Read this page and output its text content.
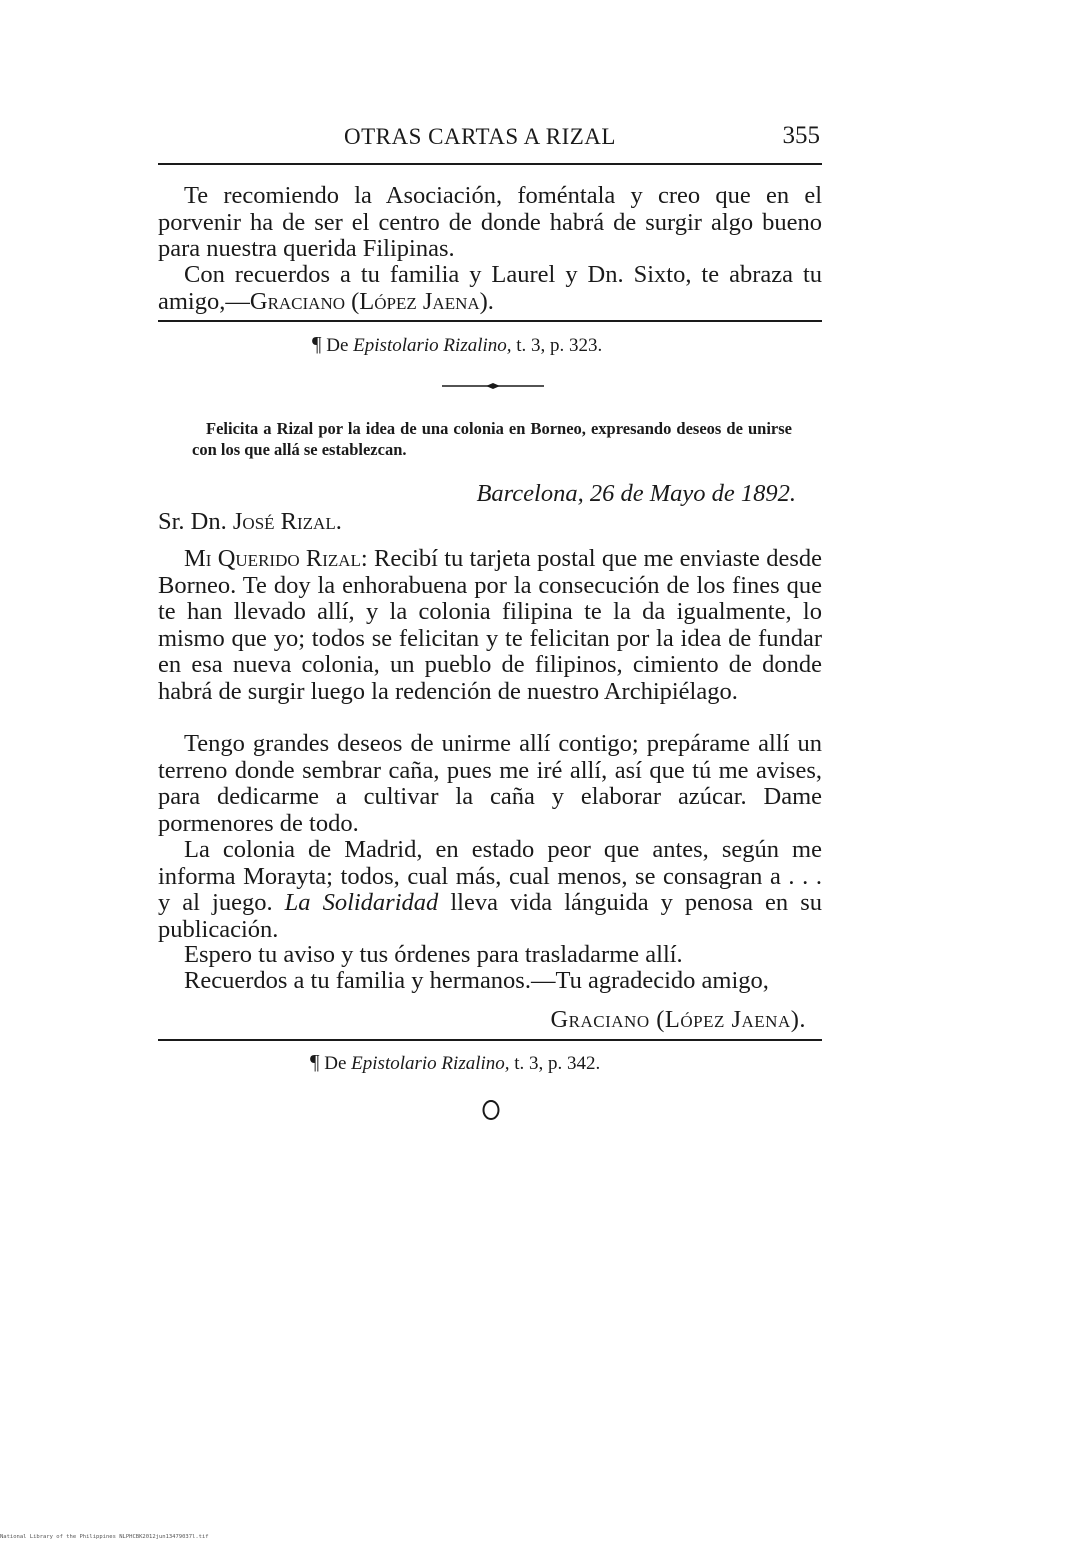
OTRAS CARTAS A RIZAL	355

Te recomiendo la Asociación, foméntala y creo que en el porvenir ha de ser el centro de donde habrá de surgir algo bueno para nuestra querida Filipinas.

Con recuerdos a tu familia y Laurel y Dn. Sixto, te abraza tu amigo,—Graciano (López Jaena).

¶ De Epistolario Rizalino, t. 3, p. 323.

Felicita a Rizal por la idea de una colonia en Borneo, expresando deseos de unirse con los que allá se establezcan.

Barcelona, 26 de Mayo de 1892.
Sr. Dn. José Rizal.

Mi Querido Rizal: Recibí tu tarjeta postal que me enviaste desde Borneo. Te doy la enhorabuena por la consecución de los fines que te han llevado allí, y la colonia filipina te la da igualmente, lo mismo que yo; todos se felicitan y te felicitan por la idea de fundar en esa nueva colonia, un pueblo de filipinos, cimiento de donde habrá de surgir luego la redención de nuestro Archipiélago.

Tengo grandes deseos de unirme allí contigo; prepárame allí un terreno donde sembrar caña, pues me iré allí, así que tú me avises, para dedicarme a cultivar la caña y elaborar azúcar. Dame pormenores de todo.

La colonia de Madrid, en estado peor que antes, según me informa Morayta; todos, cual más, cual menos, se consagran a . . . y al juego. La Solidaridad lleva vida lánguida y penosa en su publicación.

Espero tu aviso y tus órdenes para trasladarme allí.

Recuerdos a tu familia y hermanos.—Tu agradecido amigo,

Graciano (López Jaena).
¶ De Epistolario Rizalino, t. 3, p. 342.
National Library of the Philippines NLPHCBK2012jun13479037l.tif
